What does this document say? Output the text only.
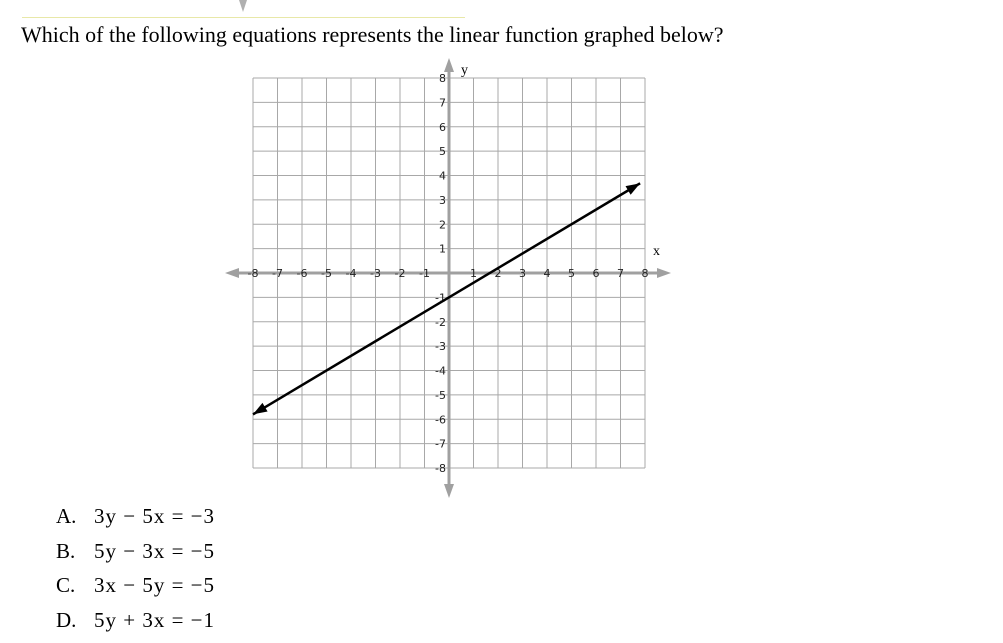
Which of the following equations represents the linear function graphed below?
-8 -7 -6 -5 -4 -3 -2 -1	1 2 3 4 5 6 7 8
8
7
6
5
4
3
2
1
-1
-2
-3
-4
-5
-6
-7
-8
x
y
A. 3y − 5x = −3
B. 5y − 3x = −5
C. 3x − 5y = −5
D. 5y + 3x = −1
